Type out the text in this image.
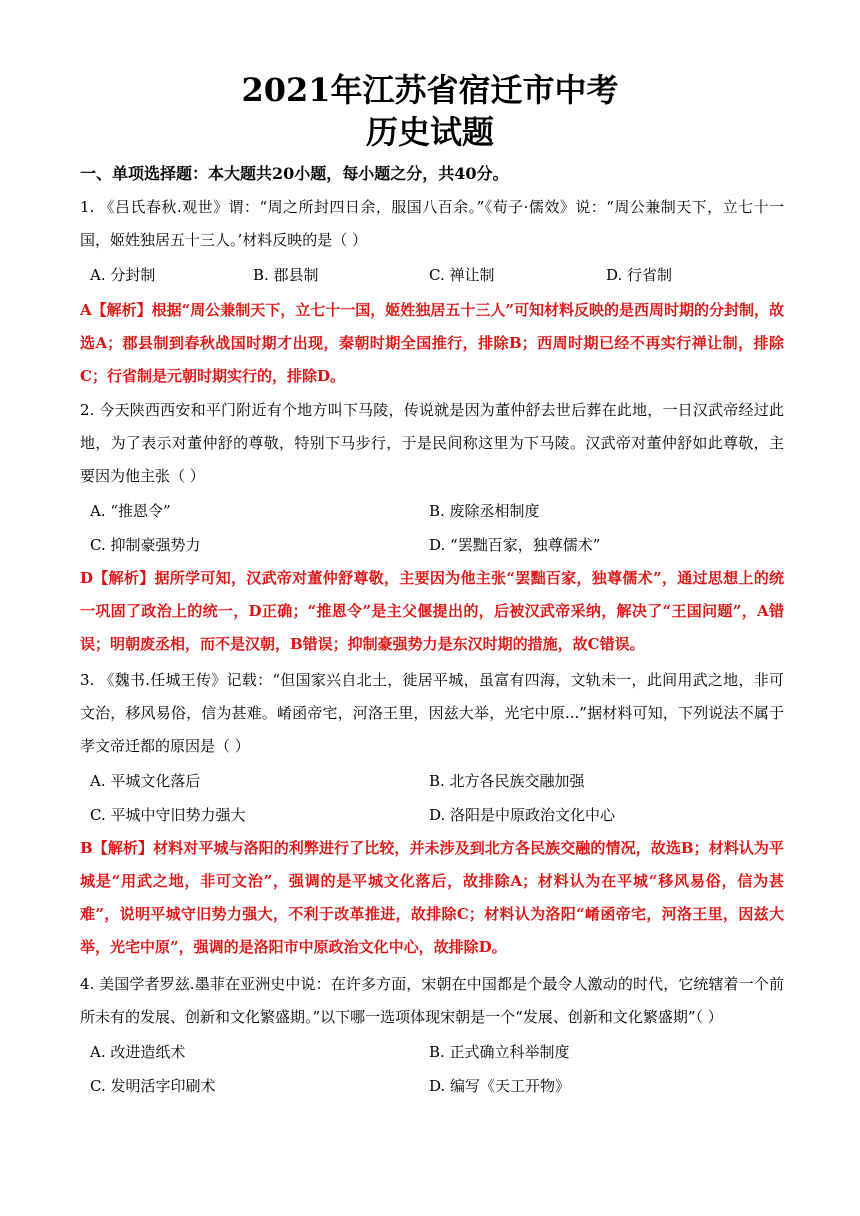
2021年江苏省宿迁市中考
历史试题
一、单项选择题：本大题共20小题，每小题之分，共40分。
1. 《吕氏春秋.观世》谓：“周之所封四日余，服国八百余。”《荀子·儒效》说：“周公兼制天下，立七十一国，姬姓独居五十三人。’材料反映的是（ ）
A. 分封制	B. 郡县制	C. 禅让制	D. 行省制
A【解析】根据“周公兼制天下，立七十一国，姬姓独居五十三人”可知材料反映的是西周时期的分封制，故选A；郡县制到春秋战国时期才出现，秦朝时期全国推行，排除B；西周时期已经不再实行禅让制，排除C；行省制是元朝时期实行的，排除D。
2. 今天陕西西安和平门附近有个地方叫下马陵，传说就是因为董仲舒去世后葬在此地，一日汉武帝经过此地，为了表示对董仲舒的尊敬，特别下马步行，于是民间称这里为下马陵。汉武帝对董仲舒如此尊敬，主要因为他主张（ ）
A. “推恩令”	B. 废除丞相制度
C. 抑制豪强势力	D. “罢黜百家，独尊儒术”
D【解析】据所学可知，汉武帝对董仲舒尊敬，主要因为他主张“罢黜百家，独尊儒术”，通过思想上的统一巩固了政治上的统一，D正确；“推恩令”是主父偃提出的，后被汉武帝采纳，解决了“王国问题”，A错误；明朝废丞相，而不是汉朝，B错误；抑制豪强势力是东汉时期的措施，故C错误。
3. 《魏书.任城王传》记载：“但国家兴自北土，徙居平城，虽富有四海，文轨未一，此间用武之地，非可文治，移风易俗，信为甚难。崤函帝宅，河洛王里，因兹大举，光宅中原...”据材料可知，下列说法不属于孝文帝迁都的原因是（ ）
A. 平城文化落后	B. 北方各民族交融加强
C. 平城中守旧势力强大	D. 洛阳是中原政治文化中心
B【解析】材料对平城与洛阳的利弊进行了比较，并未涉及到北方各民族交融的情况，故选B；材料认为平城是“用武之地，非可文治”，强调的是平城文化落后，故排除A；材料认为在平城“移风易俗，信为甚难”，说明平城守旧势力强大，不利于改革推进，故排除C；材料认为洛阳“崤函帝宅，河洛王里，因兹大举，光宅中原”，强调的是洛阳市中原政治文化中心，故排除D。
4. 美国学者罗兹.墨菲在亚洲史中说：在许多方面，宋朝在中国都是个最令人激动的时代，它统辖着一个前所未有的发展、创新和文化繁盛期。”以下哪一选项体现宋朝是一个“发展、创新和文化繁盛期”（ ）
A. 改进造纸术	B. 正式确立科举制度
C. 发明活字印刷术	D. 编写《天工开物》
